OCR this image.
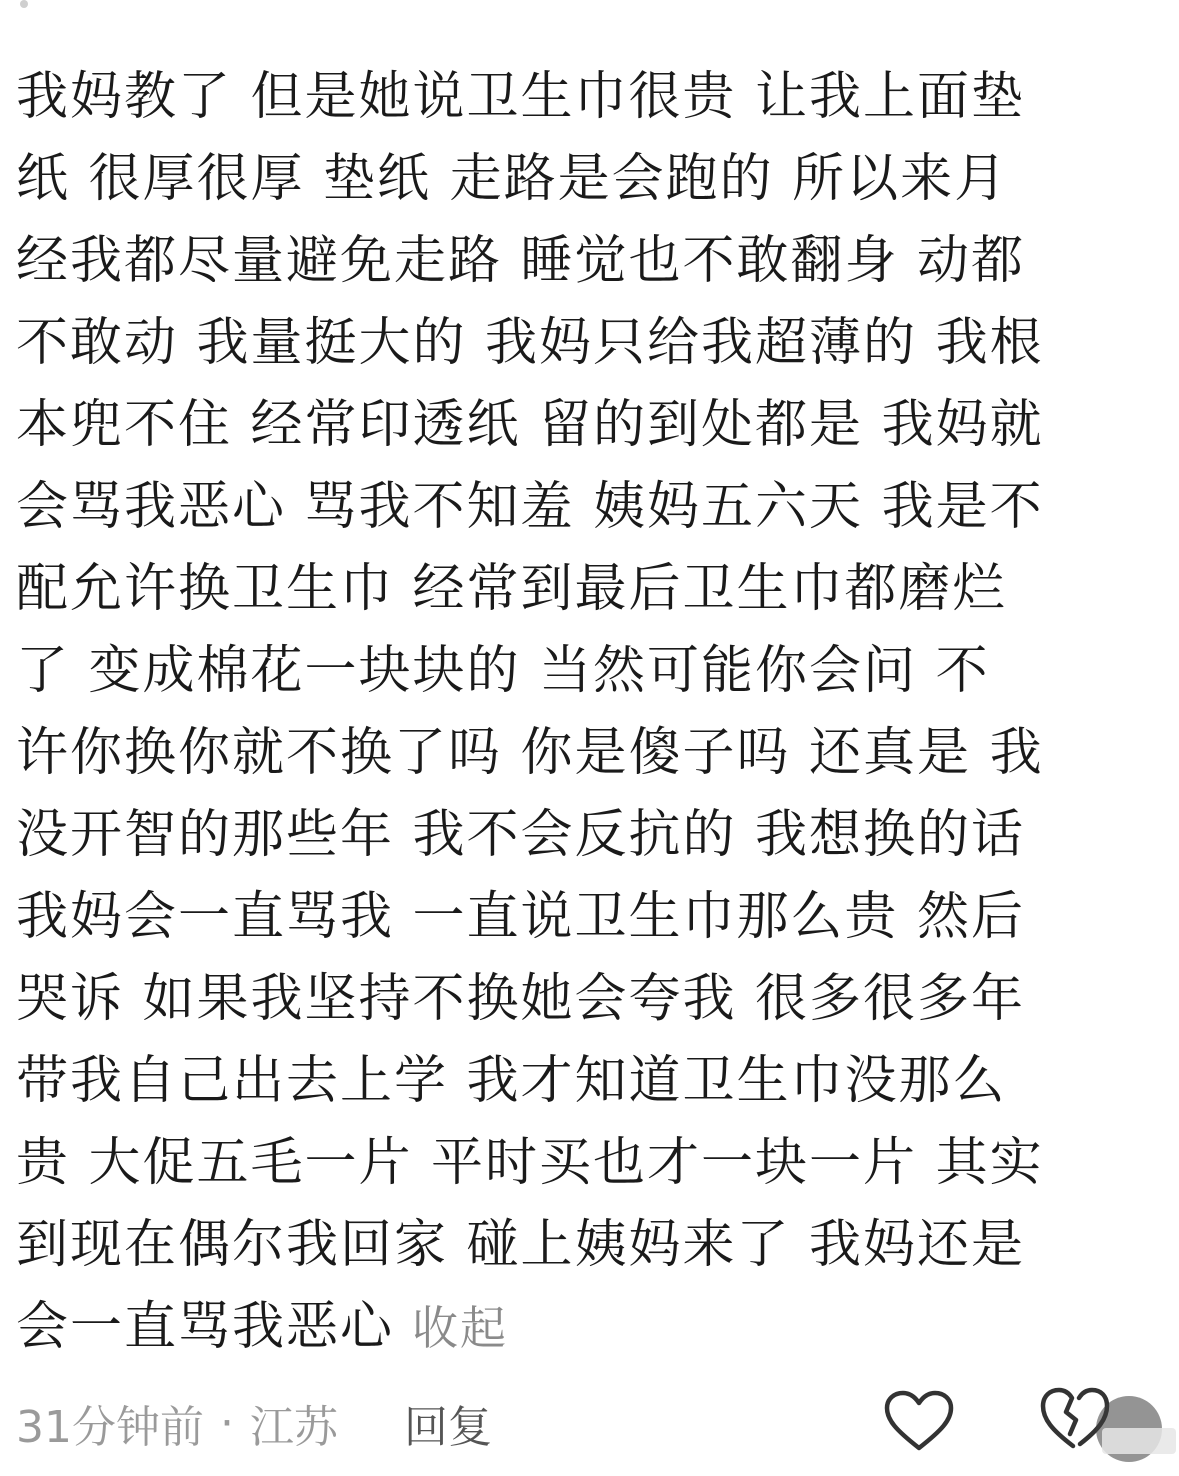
我妈教了 但是她说卫生巾很贵 让我上面垫
纸 很厚很厚 垫纸 走路是会跑的 所以来月
经我都尽量避免走路 睡觉也不敢翻身 动都
不敢动 我量挺大的 我妈只给我超薄的 我根
本兜不住 经常印透纸 留的到处都是 我妈就
会骂我恶心 骂我不知羞 姨妈五六天 我是不
配允许换卫生巾 经常到最后卫生巾都磨烂
了 变成棉花一块块的 当然可能你会问 不
许你换你就不换了吗 你是傻子吗 还真是 我
没开智的那些年 我不会反抗的 我想换的话
我妈会一直骂我 一直说卫生巾那么贵 然后
哭诉 如果我坚持不换她会夸我 很多很多年
带我自己出去上学 我才知道卫生巾没那么
贵 大促五毛一片 平时买也才一块一片 其实
到现在偶尔我回家 碰上姨妈来了 我妈还是
会一直骂我恶心 收起
31分钟前 · 江苏 回复
